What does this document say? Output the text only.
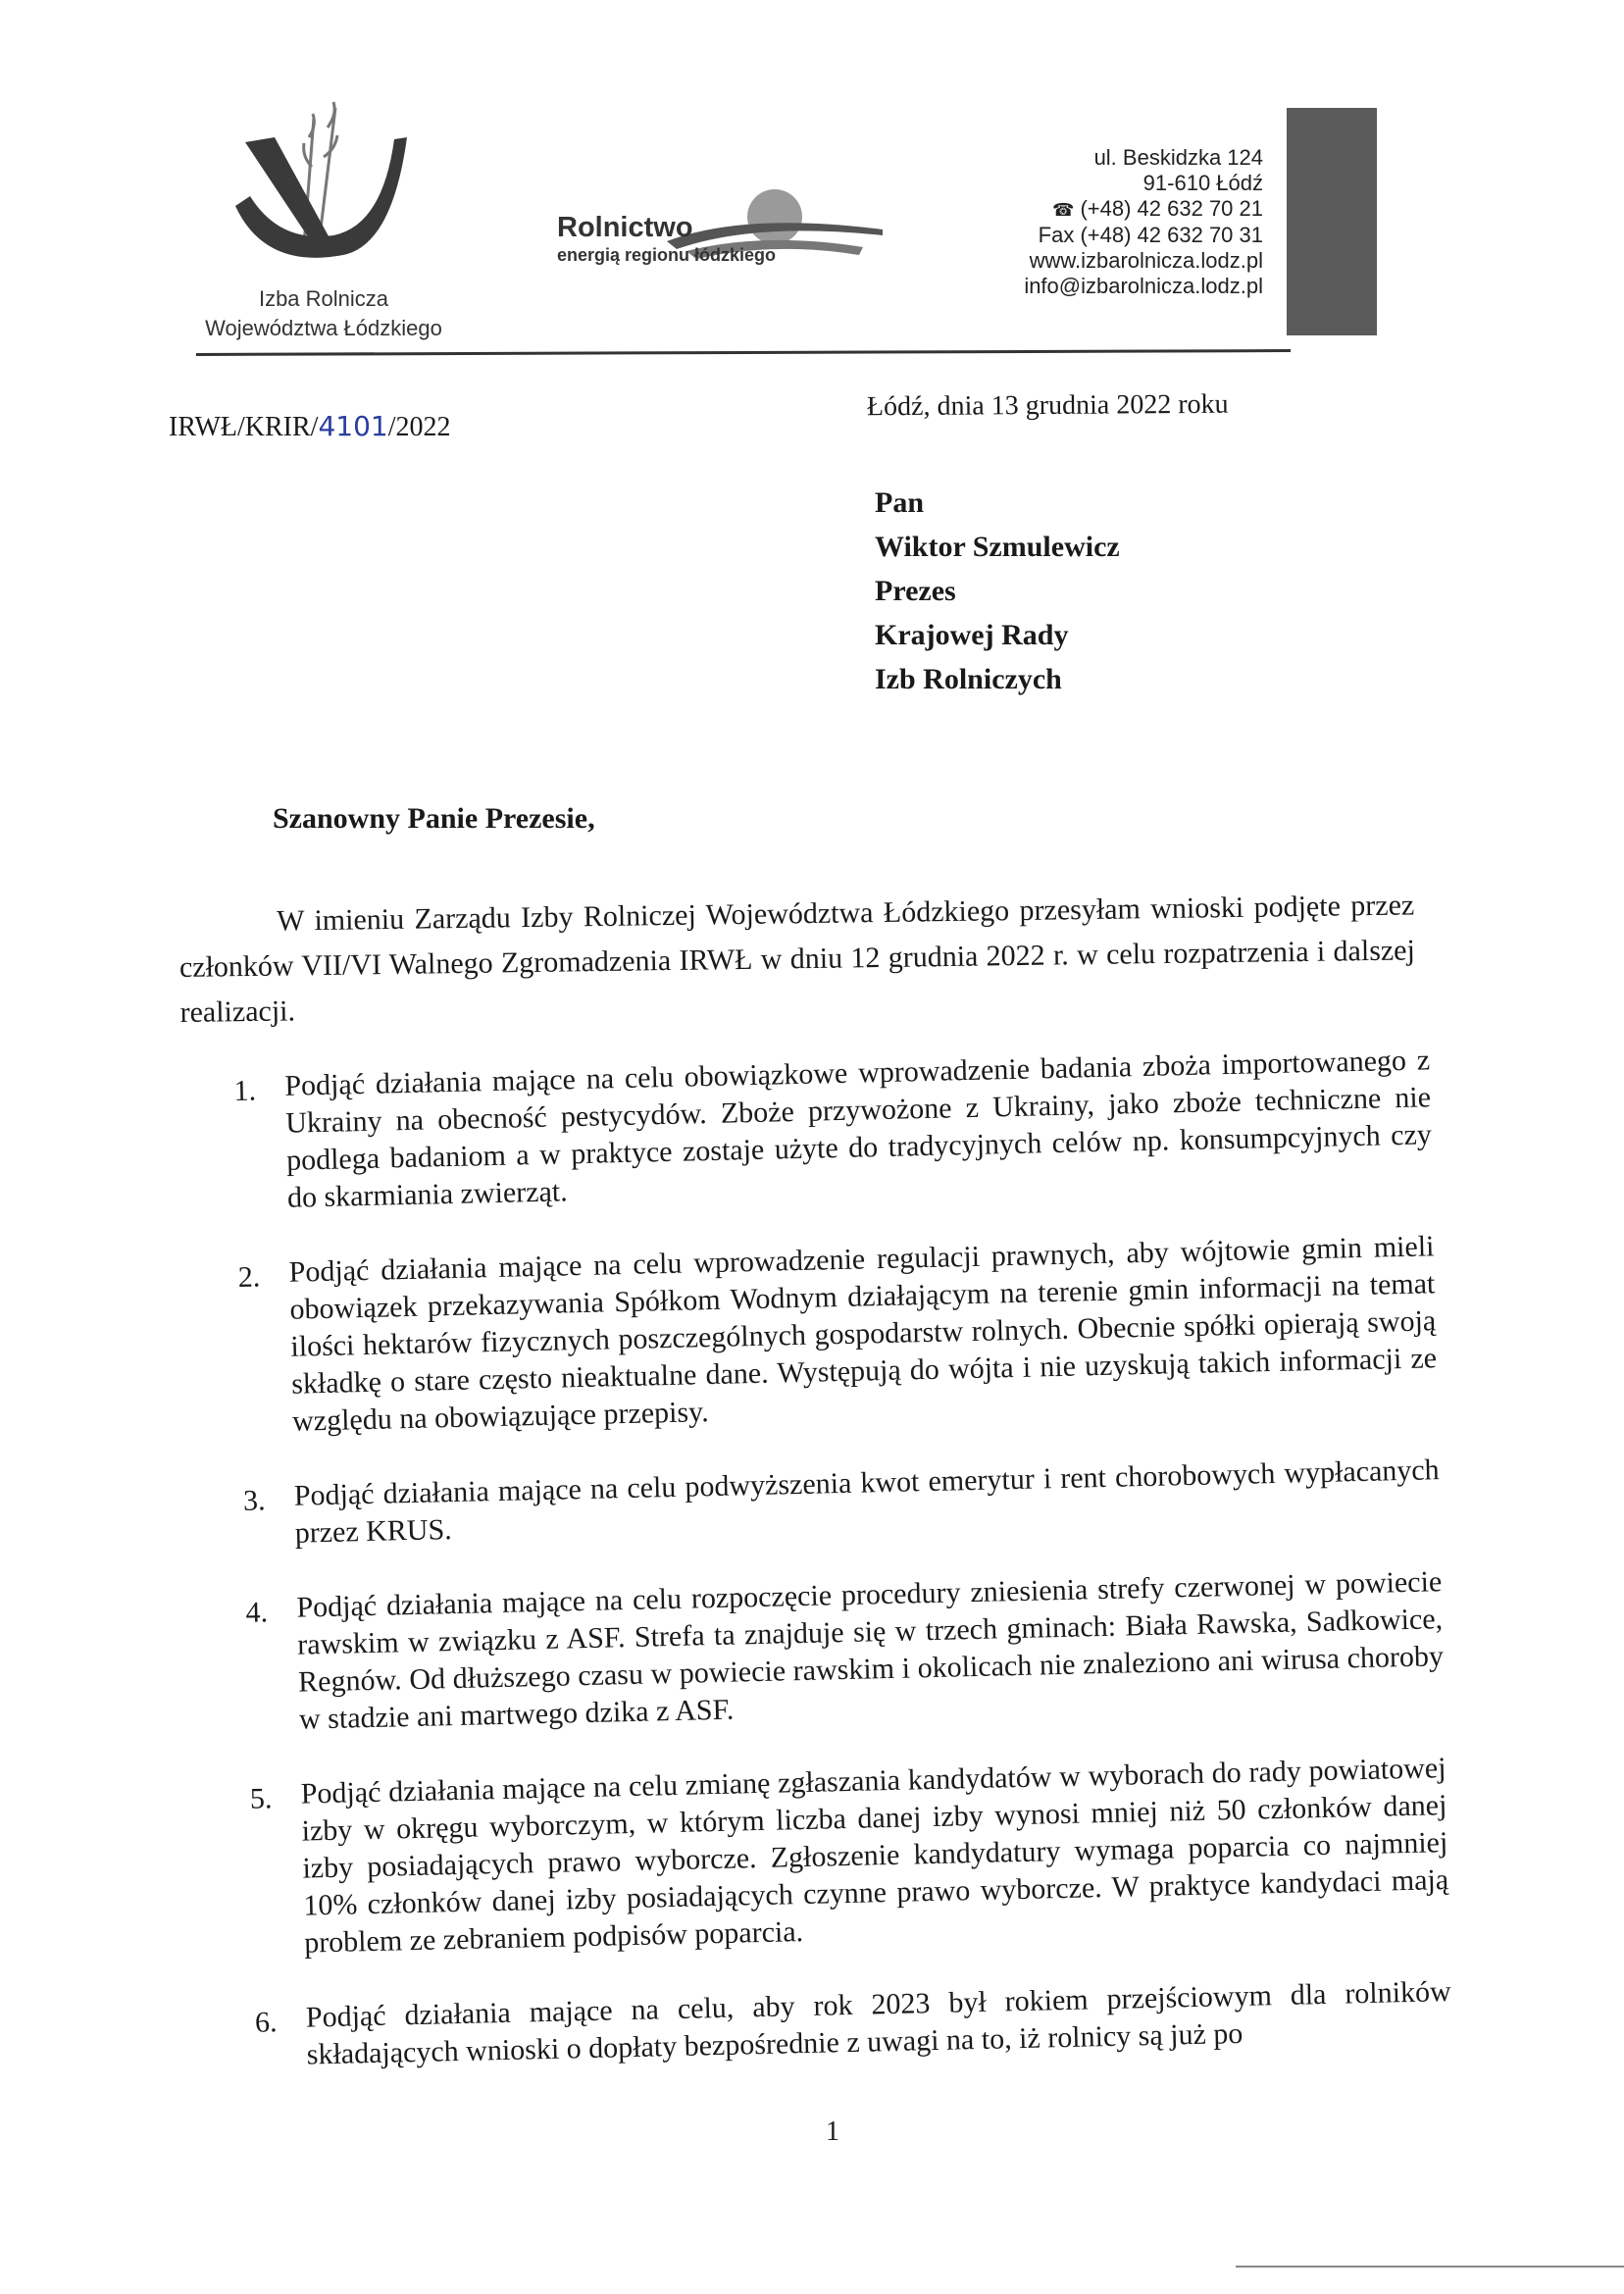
Izba Rolnicza
Województwa Łódzkiego
Rolnictwo
energią regionu łódzkiego
ul. Beskidzka 124
91-610 Łódź
☎ (+48) 42 632 70 21
Fax (+48) 42 632 70 31
www.izbarolnicza.lodz.pl
info@izbarolnicza.lodz.pl
IRWŁ/KRIR/4101/2022
Łódź, dnia 13 grudnia 2022 roku
Pan
Wiktor Szmulewicz
Prezes
Krajowej Rady
Izb Rolniczych
Szanowny Panie Prezesie,

W imieniu Zarządu Izby Rolniczej Województwa Łódzkiego przesyłam wnioski podjęte przez członków VII/VI Walnego Zgromadzenia IRWŁ w dniu 12 grudnia 2022 r. w celu rozpatrzenia i dalszej realizacji.

1. Podjąć działania mające na celu obowiązkowe wprowadzenie badania zboża importowanego z Ukrainy na obecność pestycydów. Zboże przywożone z Ukrainy, jako zboże techniczne nie podlega badaniom a w praktyce zostaje użyte do tradycyjnych celów np. konsumpcyjnych czy do skarmiania zwierząt.
2. Podjąć działania mające na celu wprowadzenie regulacji prawnych, aby wójtowie gmin mieli obowiązek przekazywania Spółkom Wodnym działającym na terenie gmin informacji na temat ilości hektarów fizycznych poszczególnych gospodarstw rolnych. Obecnie spółki opierają swoją składkę o stare często nieaktualne dane. Występują do wójta i nie uzyskują takich informacji ze względu na obowiązujące przepisy.
3. Podjąć działania mające na celu podwyższenia kwot emerytur i rent chorobowych wypłacanych przez KRUS.
4. Podjąć działania mające na celu rozpoczęcie procedury zniesienia strefy czerwonej w powiecie rawskim w związku z ASF. Strefa ta znajduje się w trzech gminach: Biała Rawska, Sadkowice, Regnów. Od dłuższego czasu w powiecie rawskim i okolicach nie znaleziono ani wirusa choroby w stadzie ani martwego dzika z ASF.
5. Podjąć działania mające na celu zmianę zgłaszania kandydatów w wyborach do rady powiatowej izby w okręgu wyborczym, w którym liczba danej izby wynosi mniej niż 50 członków danej izby posiadających prawo wyborcze. Zgłoszenie kandydatury wymaga poparcia co najmniej 10% członków danej izby posiadających czynne prawo wyborcze. W praktyce kandydaci mają problem ze zebraniem podpisów poparcia.
6. Podjąć działania mające na celu, aby rok 2023 był rokiem przejściowym dla rolników składających wnioski o dopłaty bezpośrednie z uwagi na to, iż rolnicy są już po
1
